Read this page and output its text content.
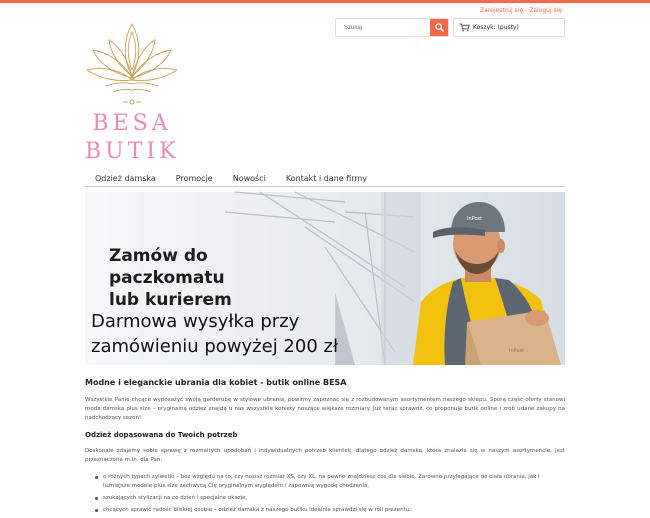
Zarejestruj się - Zaloguj się
BESA
BUTIK
Szukaj
Koszyk: (pusty)
Odzież damska	Promocje	Nowości	Kontakt i dane firmy
Zamów do
paczkomatu
lub kurierem
Darmowa wysyłka przy
zamówieniu powyżej 200 zł
InPost
InPost
Modne i eleganckie ubrania dla kobiet - butik online BESA

Wszystkie Panie chcące wyposażyć swoją garderobę w stylowe ubrania, powinny zapoznać się z rozbudowanym asortymentem naszego sklepu. Sporą część oferty stanowi moda damska plus size – oryginalną odzież znajdą u nas wszystkie kobiety noszące większe rozmiary. Już teraz sprawdź, co proponuje butik online i zrób udane zakupy na nadchodzący sezon!

Odzież dopasowana do Twoich potrzeb

Doskonale zdajemy sobie sprawę z rozmaitych upodobań i indywidualnych potrzeb klientek, dlatego odzież damska, która znalazła się w naszym asortymencie, jest przeznaczona m.in. dla Pań:

o różnych typach sylwetki – bez względu na to, czy nosisz rozmiar XS, czy XL, na pewno znajdziesz coś dla siebie. Zarówno przylegające do ciała ubrania, jak i luźniejsze modele plus size zachwycą Cię oryginalnym wyglądem i zapewnią wygodę chodzenia,
szukających stylizacji na co dzień i specjalne okazje,
chcących sprawić radość bliskiej osobie – odzież damska z naszego butiku idealnie sprawdzi się w roli prezentu.
